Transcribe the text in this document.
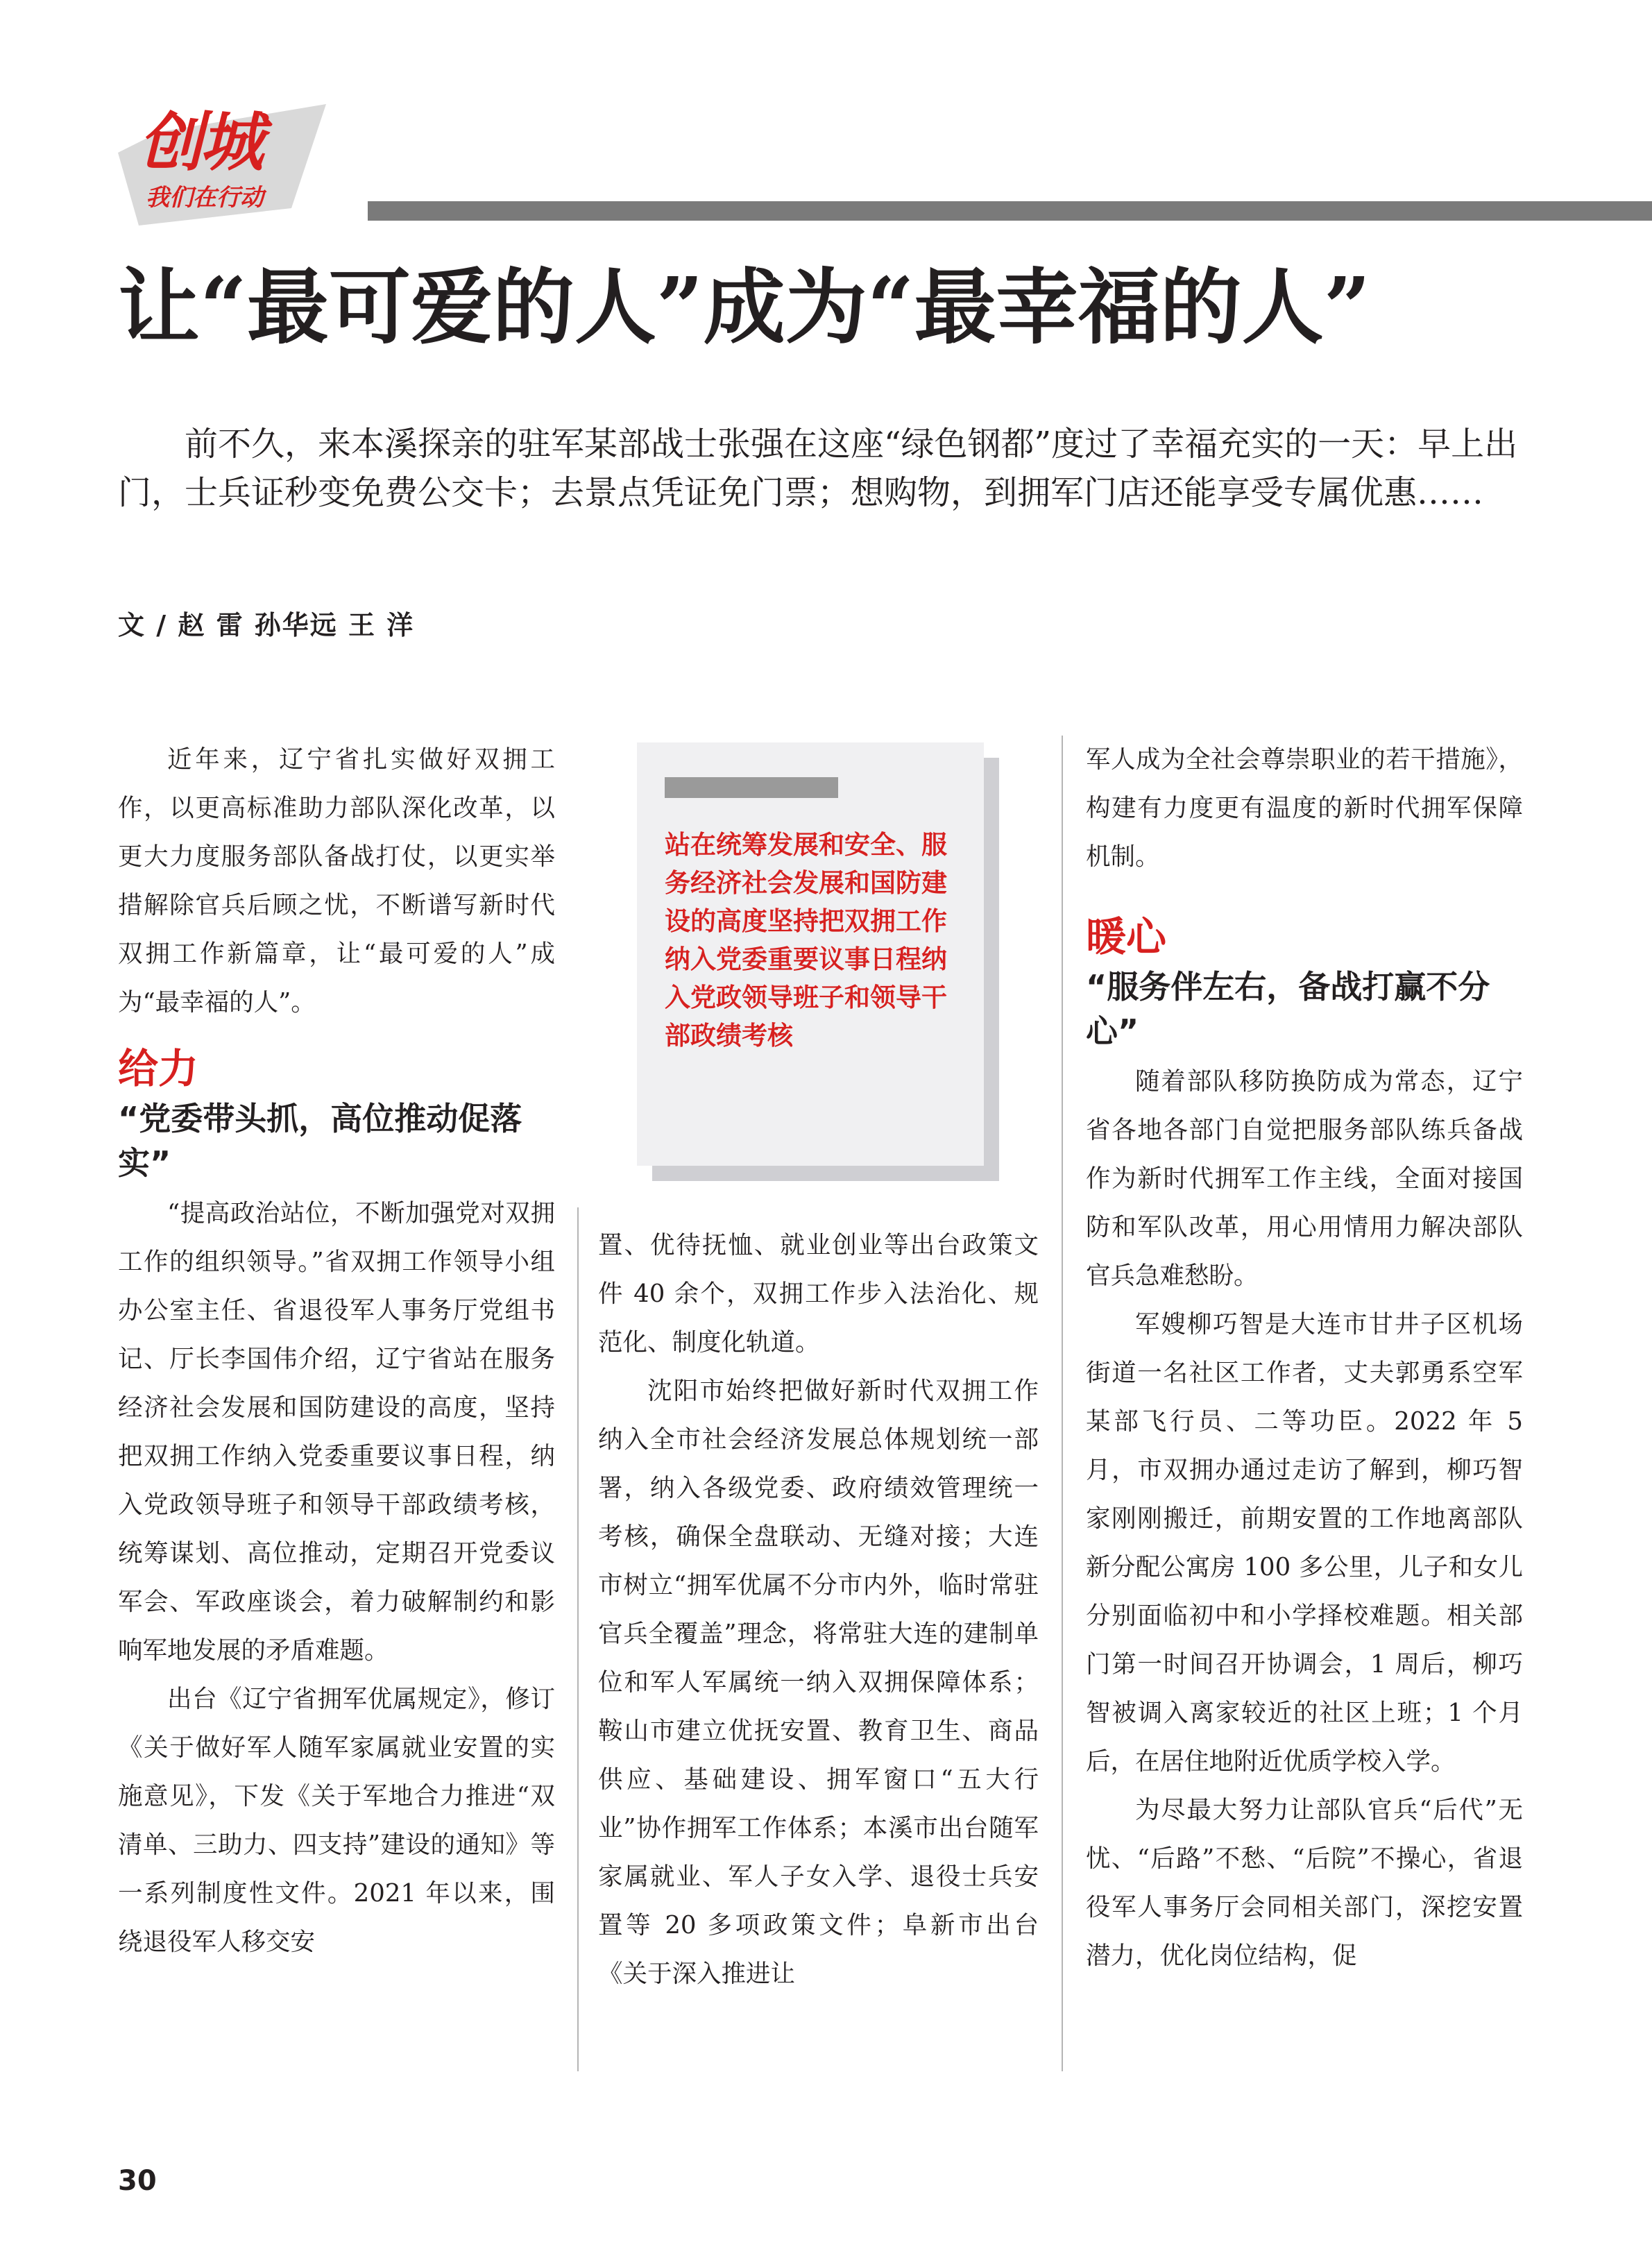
创城
我们在行动
让“最可爱的人”成为“最幸福的人”

前不久，来本溪探亲的驻军某部战士张强在这座“绿色钢都”度过了幸福充实的一天：早上出门，士兵证秒变免费公交卡；去景点凭证免门票；想购物，到拥军门店还能享受专属优惠……

文 / 赵 雷 孙华远 王 洋

近年来，辽宁省扎实做好双拥工作，以更高标准助力部队深化改革，以更大力度服务部队备战打仗，以更实举措解除官兵后顾之忧，不断谱写新时代双拥工作新篇章，让“最可爱的人”成为“最幸福的人”。

给力
“党委带头抓，高位推动促落实”

“提高政治站位，不断加强党对双拥工作的组织领导。”省双拥工作领导小组办公室主任、省退役军人事务厅党组书记、厅长李国伟介绍，辽宁省站在服务经济社会发展和国防建设的高度，坚持把双拥工作纳入党委重要议事日程，纳入党政领导班子和领导干部政绩考核，统筹谋划、高位推动，定期召开党委议军会、军政座谈会，着力破解制约和影响军地发展的矛盾难题。

出台《辽宁省拥军优属规定》，修订《关于做好军人随军家属就业安置的实施意见》，下发《关于军地合力推进“双清单、三助力、四支持”建设的通知》等一系列制度性文件。2021 年以来，围绕退役军人移交安

站在统筹发展和安全、服务经济社会发展和国防建设的高度坚持把双拥工作纳入党委重要议事日程纳入党政领导班子和领导干部政绩考核

置、优待抚恤、就业创业等出台政策文件 40 余个，双拥工作步入法治化、规范化、制度化轨道。

沈阳市始终把做好新时代双拥工作纳入全市社会经济发展总体规划统一部署，纳入各级党委、政府绩效管理统一考核，确保全盘联动、无缝对接；大连市树立“拥军优属不分市内外，临时常驻官兵全覆盖”理念，将常驻大连的建制单位和军人军属统一纳入双拥保障体系；鞍山市建立优抚安置、教育卫生、商品供应、基础建设、拥军窗口“五大行业”协作拥军工作体系；本溪市出台随军家属就业、军人子女入学、退役士兵安置等 20 多项政策文件；阜新市出台《关于深入推进让

军人成为全社会尊崇职业的若干措施》，构建有力度更有温度的新时代拥军保障机制。

暖心
“服务伴左右，备战打赢不分心”

随着部队移防换防成为常态，辽宁省各地各部门自觉把服务部队练兵备战作为新时代拥军工作主线，全面对接国防和军队改革，用心用情用力解决部队官兵急难愁盼。

军嫂柳巧智是大连市甘井子区机场街道一名社区工作者，丈夫郭勇系空军某部飞行员、二等功臣。2022 年 5 月，市双拥办通过走访了解到，柳巧智家刚刚搬迁，前期安置的工作地离部队新分配公寓房 100 多公里，儿子和女儿分别面临初中和小学择校难题。相关部门第一时间召开协调会，1 周后，柳巧智被调入离家较近的社区上班；1 个月后，在居住地附近优质学校入学。

为尽最大努力让部队官兵“后代”无忧、“后路”不愁、“后院”不操心，省退役军人事务厅会同相关部门，深挖安置潜力，优化岗位结构，促

30
